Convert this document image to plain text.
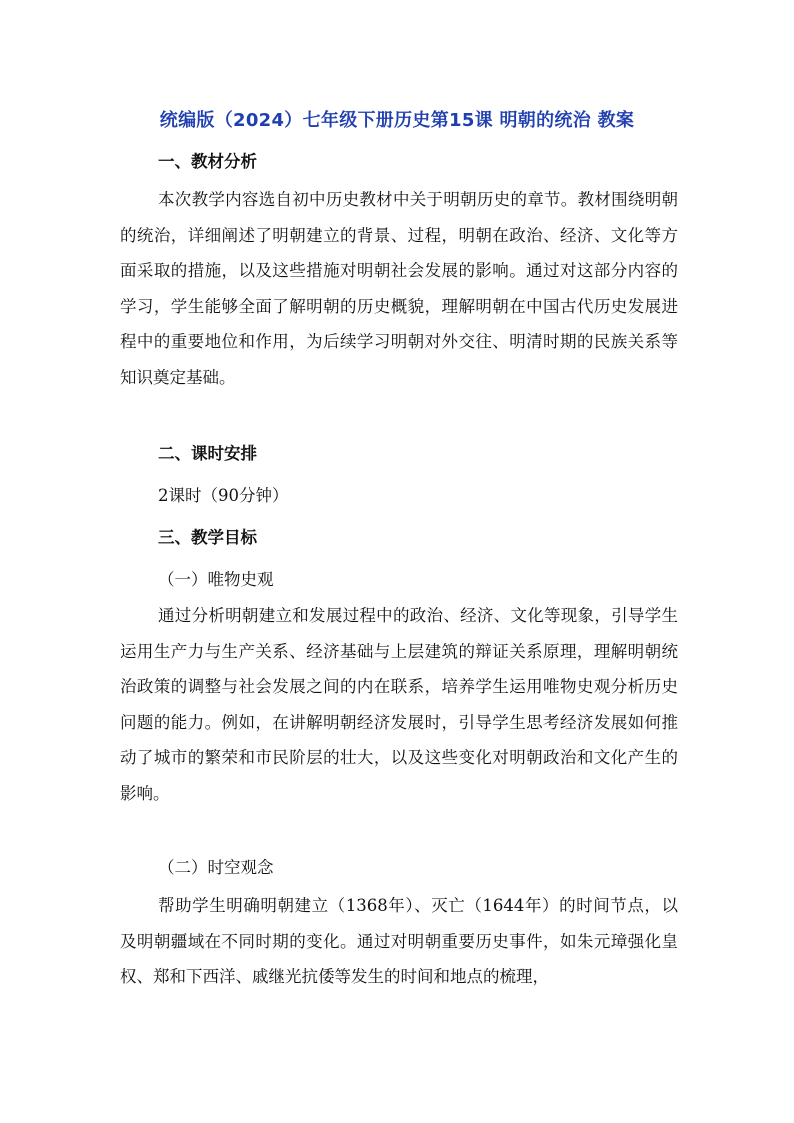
统编版（2024）七年级下册历史第15课 明朝的统治 教案
一、教材分析

本次教学内容选自初中历史教材中关于明朝历史的章节。教材围绕明朝的统治，详细阐述了明朝建立的背景、过程，明朝在政治、经济、文化等方面采取的措施，以及这些措施对明朝社会发展的影响。通过对这部分内容的学习，学生能够全面了解明朝的历史概貌，理解明朝在中国古代历史发展进程中的重要地位和作用，为后续学习明朝对外交往、明清时期的民族关系等知识奠定基础。

二、课时安排
2课时（90分钟）
三、教学目标
（一）唯物史观

通过分析明朝建立和发展过程中的政治、经济、文化等现象，引导学生运用生产力与生产关系、经济基础与上层建筑的辩证关系原理，理解明朝统治政策的调整与社会发展之间的内在联系，培养学生运用唯物史观分析历史问题的能力。例如，在讲解明朝经济发展时，引导学生思考经济发展如何推动了城市的繁荣和市民阶层的壮大，以及这些变化对明朝政治和文化产生的影响。

（二）时空观念

帮助学生明确明朝建立（1368年）、灭亡（1644年）的时间节点，以及明朝疆域在不同时期的变化。通过对明朝重要历史事件，如朱元璋强化皇权、郑和下西洋、戚继光抗倭等发生的时间和地点的梳理，
